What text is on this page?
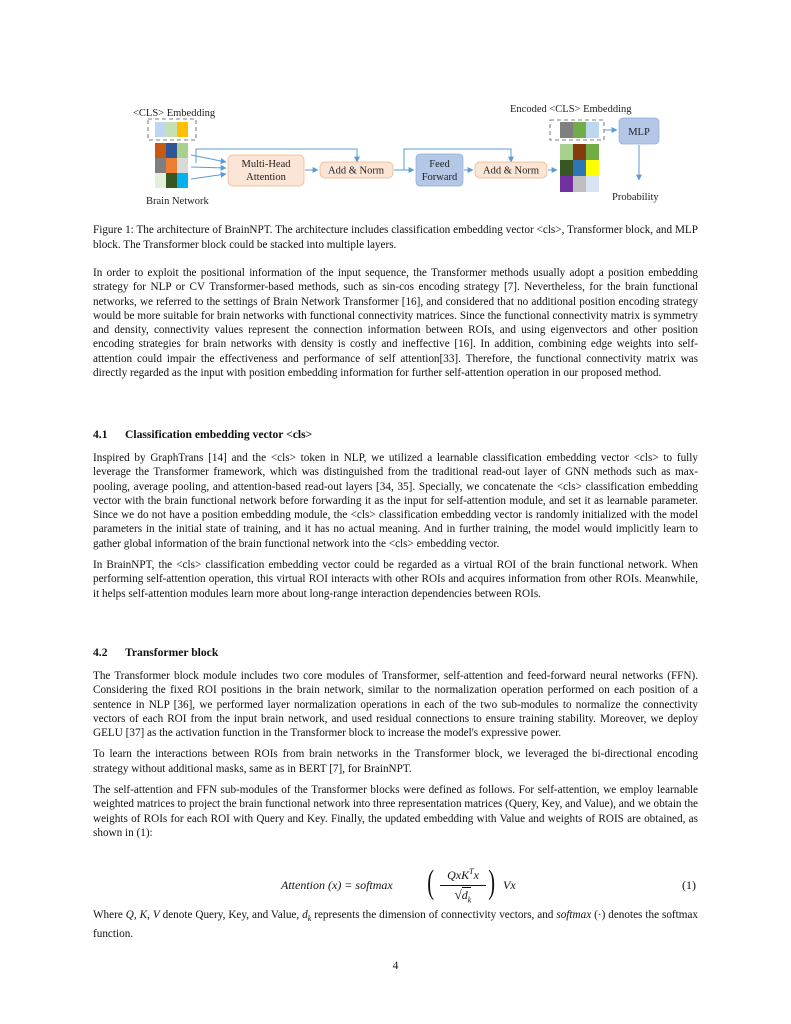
<CLS> Embedding
Brain Network
Multi-Head
Attention
Add & Norm
Feed
Forward
Add & Norm
Encoded <CLS> Embedding
MLP
Probability
Figure 1: The architecture of BrainNPT. The architecture includes classification embedding vector <cls>, Transformer block, and MLP block. The Transformer block could be stacked into multiple layers.

In order to exploit the positional information of the input sequence, the Transformer methods usually adopt a position embedding strategy for NLP or CV Transformer-based methods, such as sin-cos encoding strategy [7]. Nevertheless, for the brain functional networks, we referred to the settings of Brain Network Transformer [16], and considered that no additional position encoding strategy would be more suitable for brain networks with functional connectivity matrices. Since the functional connectivity matrix is symmetry and density, connectivity values represent the connection information between ROIs, and using eigenvectors and other position encoding strategies for brain networks with density is costly and ineffective [16]. In addition, combining edge weights into self-attention could impair the effectiveness and performance of self attention[33]. Therefore, the functional connectivity matrix was directly regarded as the input with position embedding information for further self-attention operation in our proposed method.

4.1 Classification embedding vector <cls>

Inspired by GraphTrans [14] and the <cls> token in NLP, we utilized a learnable classification embedding vector <cls> to fully leverage the Transformer framework, which was distinguished from the traditional read-out layer of GNN methods such as max-pooling, average pooling, and attention-based read-out layers [34, 35]. Specially, we concatenate the <cls> classification embedding vector with the brain functional network before forwarding it as the input for self-attention module, and set it as learnable parameter. Since we do not have a position embedding module, the <cls> classification embedding vector is randomly initialized with the model parameters in the initial state of training, and it has no actual meaning. And in further training, the model would implicitly learn to gather global information of the brain functional network into the <cls> embedding vector.

In BrainNPT, the <cls> classification embedding vector could be regarded as a virtual ROI of the brain functional network. When performing self-attention operation, this virtual ROI interacts with other ROIs and acquires information from other ROIs. Meanwhile, it helps self-attention modules learn more about long-range interaction dependencies between ROIs.

4.2 Transformer block

The Transformer block module includes two core modules of Transformer, self-attention and feed-forward neural networks (FFN). Considering the fixed ROI positions in the brain network, similar to the normalization operation performed on each position of a sentence in NLP [36], we performed layer normalization operations in each of the two sub-modules to normalize the connectivity vectors of each ROI from the input brain network, and used residual connections to ensure training stability. Moreover, we deploy GELU [37] as the activation function in the Transformer block to increase the model's expressive power.

To learn the interactions between ROIs from brain networks in the Transformer block, we leveraged the bi-directional encoding strategy without additional masks, same as in BERT [7], for BrainNPT.

The self-attention and FFN sub-modules of the Transformer blocks were defined as follows. For self-attention, we employ learnable weighted matrices to project the brain functional network into three representation matrices (Query, Key, and Value), and we obtain the weights of ROIs for each ROI with Query and Key. Finally, the updated embedding with Value and weights of ROIS are obtained, as shown in (1):

Attention (x) = softmax (	QxK$^T$x
$√d_k$ ) Vx	(1)

Where Q, K, V denote Query, Key, and Value, $d_k$ represents the dimension of connectivity vectors, and softmax (·) denotes the softmax function.

4
